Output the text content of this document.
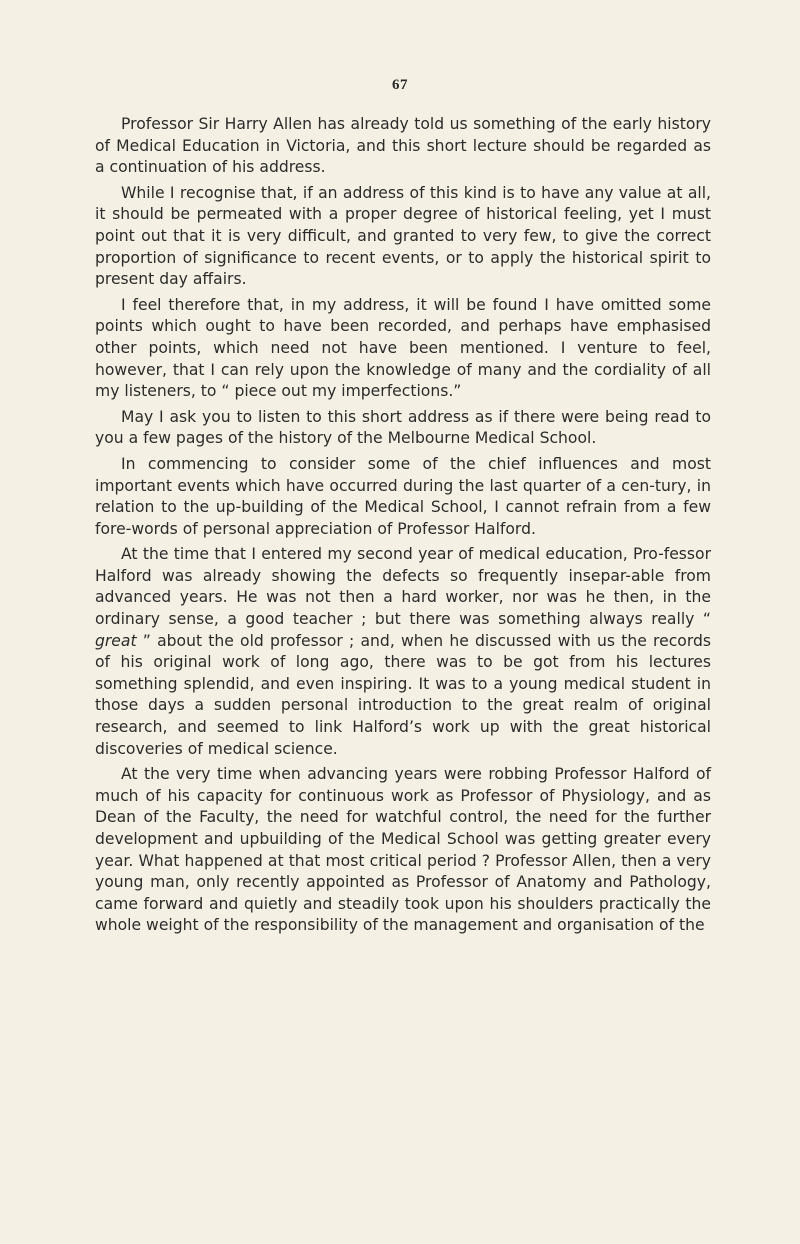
67

Professor Sir Harry Allen has already told us something of the early history of Medical Education in Victoria, and this short lecture should be regarded as a continuation of his address.

While I recognise that, if an address of this kind is to have any value at all, it should be permeated with a proper degree of historical feeling, yet I must point out that it is very difficult, and granted to very few, to give the correct proportion of significance to recent events, or to apply the historical spirit to present day affairs.

I feel therefore that, in my address, it will be found I have omitted some points which ought to have been recorded, and perhaps have emphasised other points, which need not have been mentioned. I venture to feel, however, that I can rely upon the knowledge of many and the cordiality of all my listeners, to “ piece out my imperfections.”

May I ask you to listen to this short address as if there were being read to you a few pages of the history of the Melbourne Medical School.

In commencing to consider some of the chief influences and most important events which have occurred during the last quarter of a cen-tury, in relation to the up-building of the Medical School, I cannot refrain from a few fore-words of personal appreciation of Professor Halford.

At the time that I entered my second year of medical education, Pro-fessor Halford was already showing the defects so frequently insepar-able from advanced years. He was not then a hard worker, nor was he then, in the ordinary sense, a good teacher ; but there was something always really “ great ” about the old professor ; and, when he discussed with us the records of his original work of long ago, there was to be got from his lectures something splendid, and even inspiring. It was to a young medical student in those days a sudden personal introduction to the great realm of original research, and seemed to link Halford’s work up with the great historical discoveries of medical science.

At the very time when advancing years were robbing Professor Halford of much of his capacity for continuous work as Professor of Physiology, and as Dean of the Faculty, the need for watchful control, the need for the further development and upbuilding of the Medical School was getting greater every year. What happened at that most critical period ? Professor Allen, then a very young man, only recently appointed as Professor of Anatomy and Pathology, came forward and quietly and steadily took upon his shoulders practically the whole weight of the responsibility of the management and organisation of the
